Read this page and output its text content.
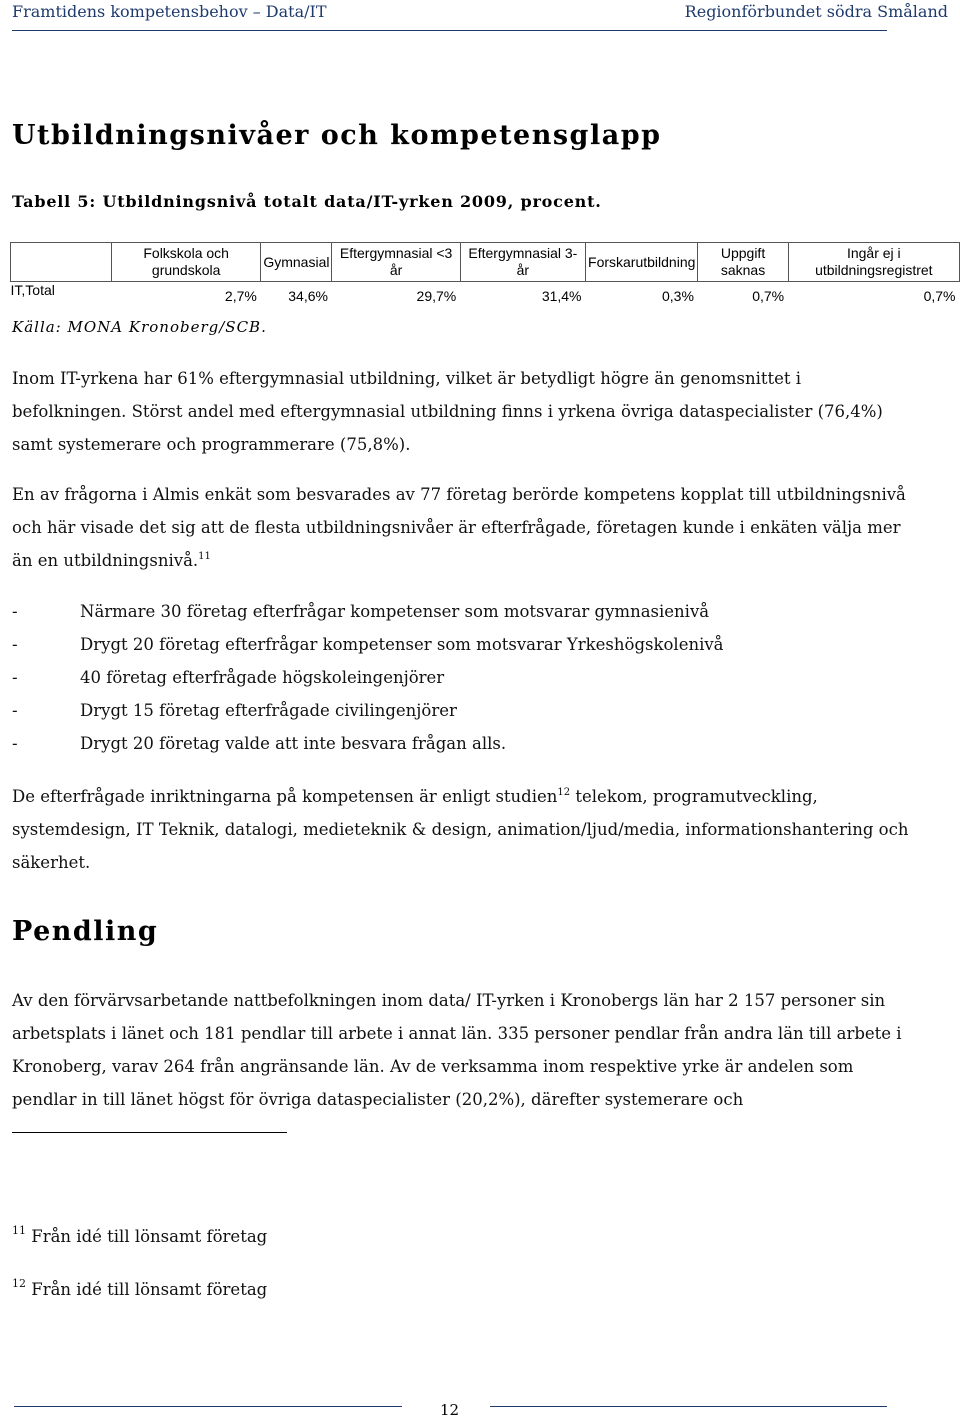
Framtidens kompetensbehov – Data/IT	Regionförbundet södra Småland
Utbildningsnivåer och kompetensglapp
Tabell 5: Utbildningsnivå totalt data/IT-yrken 2009, procent.
	Folkskola och grundskola	Gymnasial	Eftergymnasial <3 år	Eftergymnasial 3- år	Forskarutbildning	Uppgift saknas	Ingår ej i utbildningsregistret
IT,Total	2,7%	34,6%	29,7%	31,4%	0,3%	0,7%	0,7%
Källa: MONA Kronoberg/SCB.

Inom IT-yrkena har 61% eftergymnasial utbildning, vilket är betydligt högre än genomsnittet i befolkningen. Störst andel med eftergymnasial utbildning finns i yrkena övriga dataspecialister (76,4%) samt systemerare och programmerare (75,8%).

En av frågorna i Almis enkät som besvarades av 77 företag berörde kompetens kopplat till utbildningsnivå och här visade det sig att de flesta utbildningsnivåer är efterfrågade, företagen kunde i enkäten välja mer än en utbildningsnivå.$^{11}$

-	Närmare 30 företag efterfrågar kompetenser som motsvarar gymnasienivå
-	Drygt 20 företag efterfrågar kompetenser som motsvarar Yrkeshögskolenivå
-	40 företag efterfrågade högskoleingenjörer
-	Drygt 15 företag efterfrågade civilingenjörer
-	Drygt 20 företag valde att inte besvara frågan alls.

De efterfrågade inriktningarna på kompetensen är enligt studien$^{12}$ telekom, programutveckling, systemdesign, IT Teknik, datalogi, medieteknik & design, animation/ljud/media, informationshantering och säkerhet.

Pendling

Av den förvärvsarbetande nattbefolkningen inom data/ IT-yrken i Kronobergs län har 2 157 personer sin arbetsplats i länet och 181 pendlar till arbete i annat län. 335 personer pendlar från andra län till arbete i Kronoberg, varav 264 från angränsande län. Av de verksamma inom respektive yrke är andelen som pendlar in till länet högst för övriga dataspecialister (20,2%), därefter systemerare och

$^{11}$ Från idé till lönsamt företag
$^{12}$ Från idé till lönsamt företag
12
